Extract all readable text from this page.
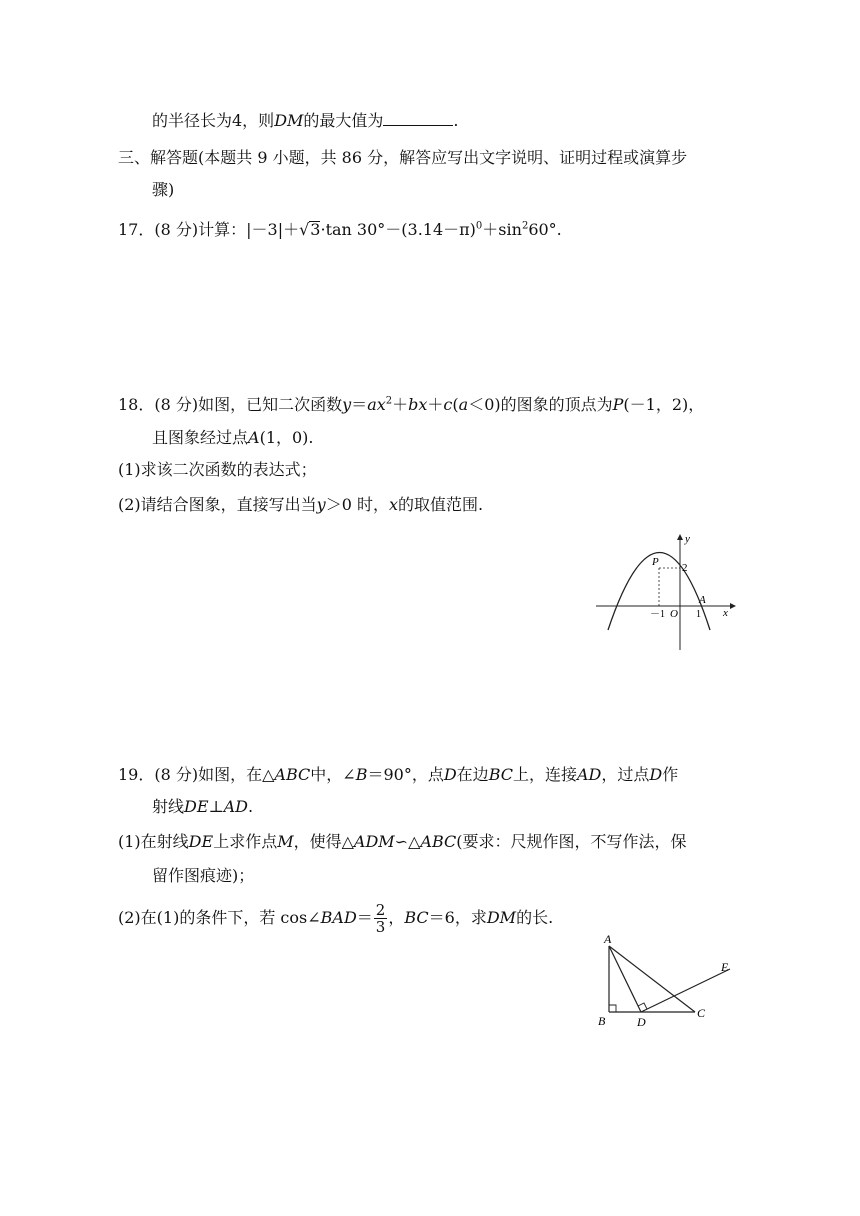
的半径长为4，则DM的最大值为	.
三、解答题(本题共 9 小题，共 86 分，解答应写出文字说明、证明过程或演算步
骤)
17．(8 分)计算：|－3|＋√3·tan $30^\circ-(3.14-\pi)^0+\sin^260^\circ$.
18．(8 分)如图，已知二次函数$y=ax^2+bx+c(a<0)$的图象的顶点为P(－1，2)，
且图象经过点A(1，0).
(1)求该二次函数的表达式；
(2)请结合图象，直接写出当y＞0 时，x的取值范围.
y
x
P 2
A
－1 O 1
19．(8 分)如图，在△ABC中，∠B＝90°，点D在边BC上，连接AD，过点D作
射线DE⊥AD.
(1)在射线DE上求作点M，使得△ADM∽△ABC(要求：尺规作图，不写作法，保
留作图痕迹)；
(2)在(1)的条件下，若 cos∠BAD＝ $\frac{2}{3}$ ，BC＝6，求DM的长.
A
B
C
D
E
